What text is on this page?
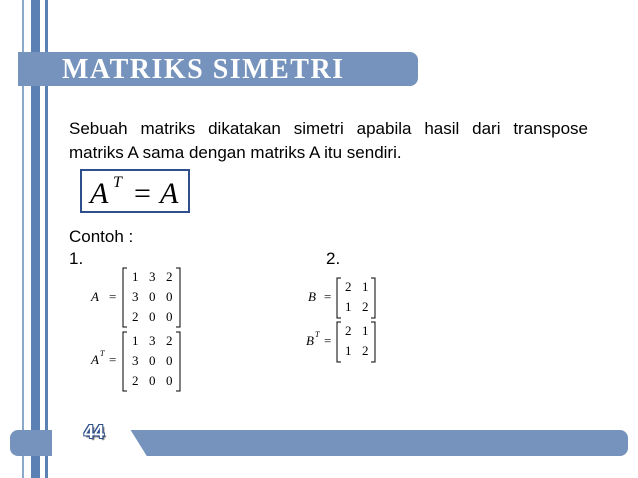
MATRIKS SIMETRI
Sebuah matriks dikatakan simetri apabila hasil dari transpose matriks A sama dengan matriks A itu sendiri.
A T = A
Contoh :
1.	2.
A =
1 3 2
3 0 0
2 0 0
A T =
1 3 2
3 0 0
2 0 0
B =
2 1
1 2
B T =
2 1
1 2
44
